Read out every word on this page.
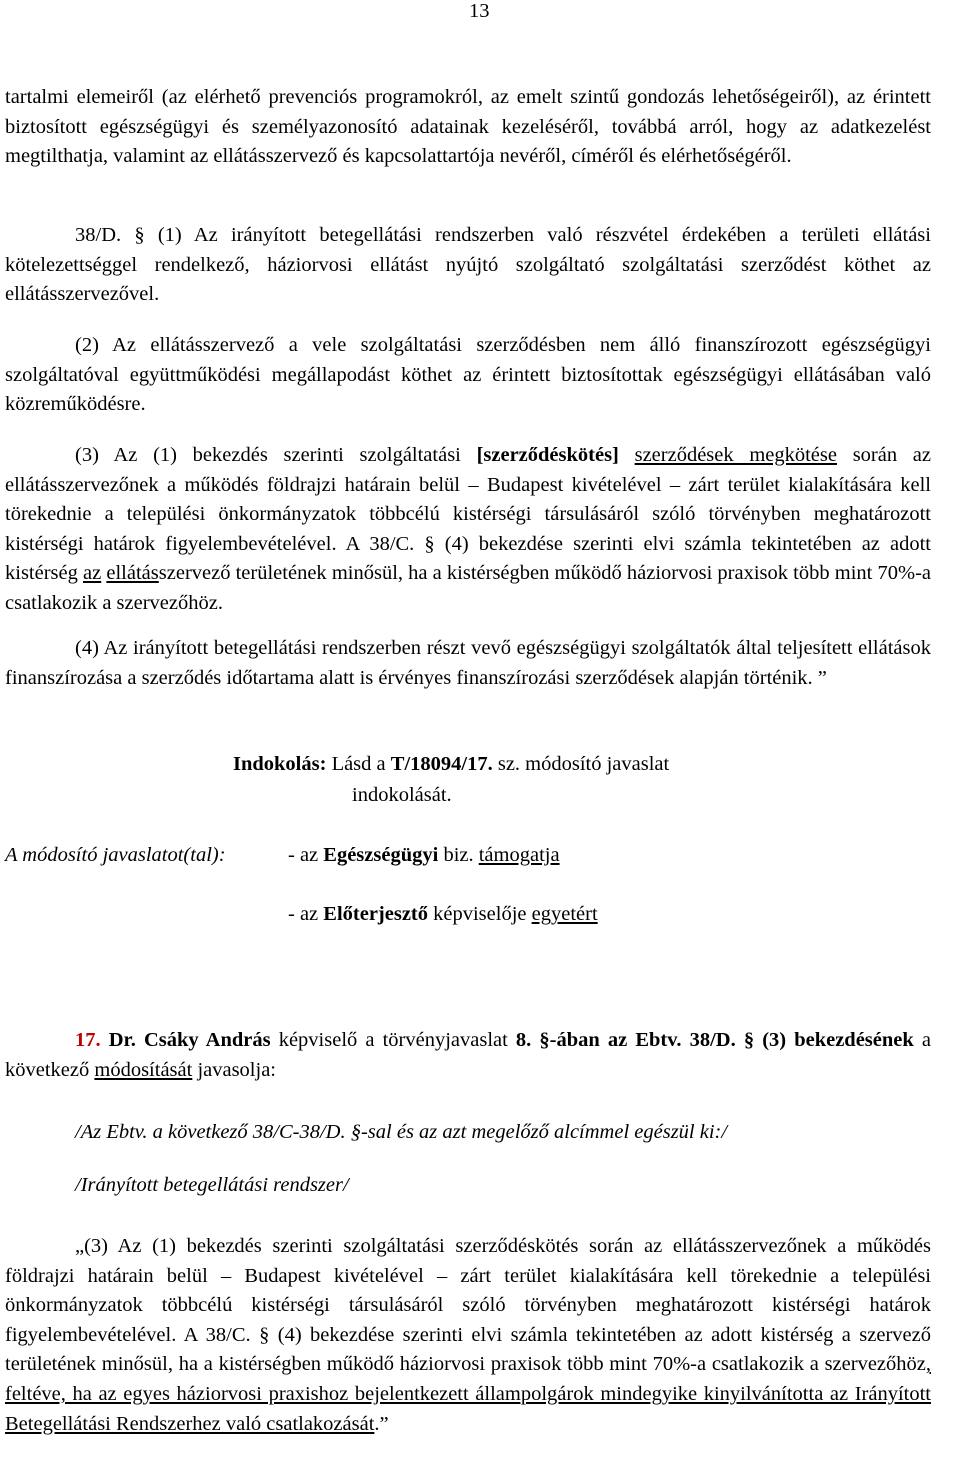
13

tartalmi elemeiről (az elérhető prevenciós programokról, az emelt szintű gondozás lehetőségeiről), az érintett biztosított egészségügyi és személyazonosító adatainak kezeléséről, továbbá arról, hogy az adatkezelést megtilthatja, valamint az ellátásszervező és kapcsolattartója nevéről, címéről és elérhetőségéről.

38/D. § (1) Az irányított betegellátási rendszerben való részvétel érdekében a területi ellátási kötelezettséggel rendelkező, háziorvosi ellátást nyújtó szolgáltató szolgáltatási szerződést köthet az ellátásszervezővel.

(2) Az ellátásszervező a vele szolgáltatási szerződésben nem álló finanszírozott egészségügyi szolgáltatóval együttműködési megállapodást köthet az érintett biztosítottak egészségügyi ellátásában való közreműködésre.

(3) Az (1) bekezdés szerinti szolgáltatási [szerződéskötés] szerződések megkötése során az ellátásszervezőnek a működés földrajzi határain belül – Budapest kivételével – zárt terület kialakítására kell törekednie a települési önkormányzatok többcélú kistérségi társulásáról szóló törvényben meghatározott kistérségi határok figyelembevételével. A 38/C. § (4) bekezdése szerinti elvi számla tekintetében az adott kistérség az ellátásszervező területének minősül, ha a kistérségben működő háziorvosi praxisok több mint 70%-a csatlakozik a szervezőhöz.

(4) Az irányított betegellátási rendszerben részt vevő egészségügyi szolgáltatók által teljesített ellátások finanszírozása a szerződés időtartama alatt is érvényes finanszírozási szerződések alapján történik. ”

Indokolás: Lásd a T/18094/17. sz. módosító javaslat
indokolását.
A módosító javaslatot(tal):	- az Egészségügyi biz. támogatja
- az Előterjesztő képviselője egyetért

17. Dr. Csáky András képviselő a törvényjavaslat 8. §-ában az Ebtv. 38/D. § (3) bekezdésének a következő módosítását javasolja:

/Az Ebtv. a következő 38/C-38/D. §-sal és az azt megelőző alcímmel egészül ki:/
/Irányított betegellátási rendszer/

„(3) Az (1) bekezdés szerinti szolgáltatási szerződéskötés során az ellátásszervezőnek a működés földrajzi határain belül – Budapest kivételével – zárt terület kialakítására kell törekednie a települési önkormányzatok többcélú kistérségi társulásáról szóló törvényben meghatározott kistérségi határok figyelembevételével. A 38/C. § (4) bekezdése szerinti elvi számla tekintetében az adott kistérség a szervező területének minősül, ha a kistérségben működő háziorvosi praxisok több mint 70%-a csatlakozik a szervezőhöz, feltéve, ha az egyes háziorvosi praxishoz bejelentkezett állampolgárok mindegyike kinyilvánította az Irányított Betegellátási Rendszerhez való csatlakozását.”
